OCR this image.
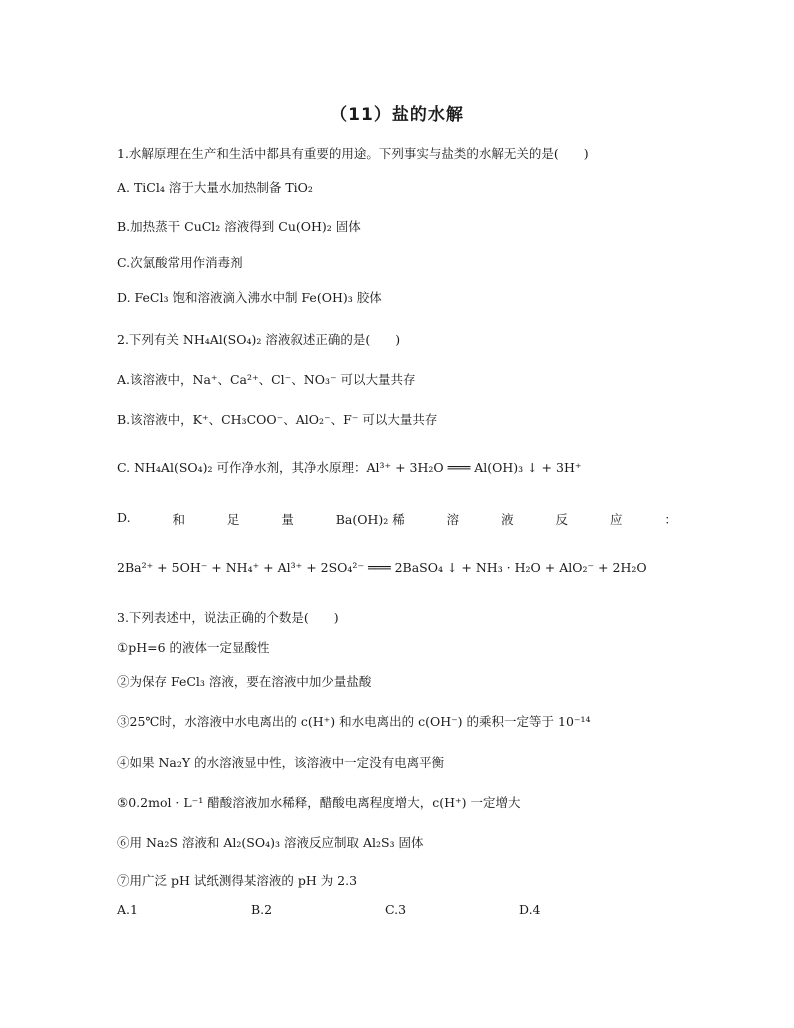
（11）盐的水解
1.水解原理在生产和生活中都具有重要的用途。下列事实与盐类的水解无关的是(　　)
A. TiCl₄ 溶于大量水加热制备 TiO₂
B.加热蒸干 CuCl₂ 溶液得到 Cu(OH)₂ 固体
C.次氯酸常用作消毒剂
D. FeCl₃ 饱和溶液滴入沸水中制 Fe(OH)₃ 胶体
2.下列有关 NH₄Al(SO₄)₂ 溶液叙述正确的是(　　)
A.该溶液中，Na⁺、Ca²⁺、Cl⁻、NO₃⁻ 可以大量共存
B.该溶液中，K⁺、CH₃COO⁻、AlO₂⁻、F⁻ 可以大量共存
C. NH₄Al(SO₄)₂ 可作净水剂，其净水原理：Al³⁺ + 3H₂O ═══ Al(OH)₃ ↓ + 3H⁺
D.	和	足	量	Ba(OH)₂ 稀	溶	液	反	应	：
2Ba²⁺ + 5OH⁻ + NH₄⁺ + Al³⁺ + 2SO₄²⁻ ═══ 2BaSO₄ ↓ + NH₃ · H₂O + AlO₂⁻ + 2H₂O
3.下列表述中，说法正确的个数是(　　)
①pH=6 的液体一定显酸性
②为保存 FeCl₃ 溶液，要在溶液中加少量盐酸
③25℃时，水溶液中水电离出的 c(H⁺) 和水电离出的 c(OH⁻) 的乘积一定等于 10⁻¹⁴
④如果 Na₂Y 的水溶液显中性，该溶液中一定没有电离平衡
⑤0.2mol · L⁻¹ 醋酸溶液加水稀释，醋酸电离程度增大，c(H⁺) 一定增大
⑥用 Na₂S 溶液和 Al₂(SO₄)₃ 溶液反应制取 Al₂S₃ 固体
⑦用广泛 pH 试纸测得某溶液的 pH 为 2.3
A.1	B.2	C.3	D.4
